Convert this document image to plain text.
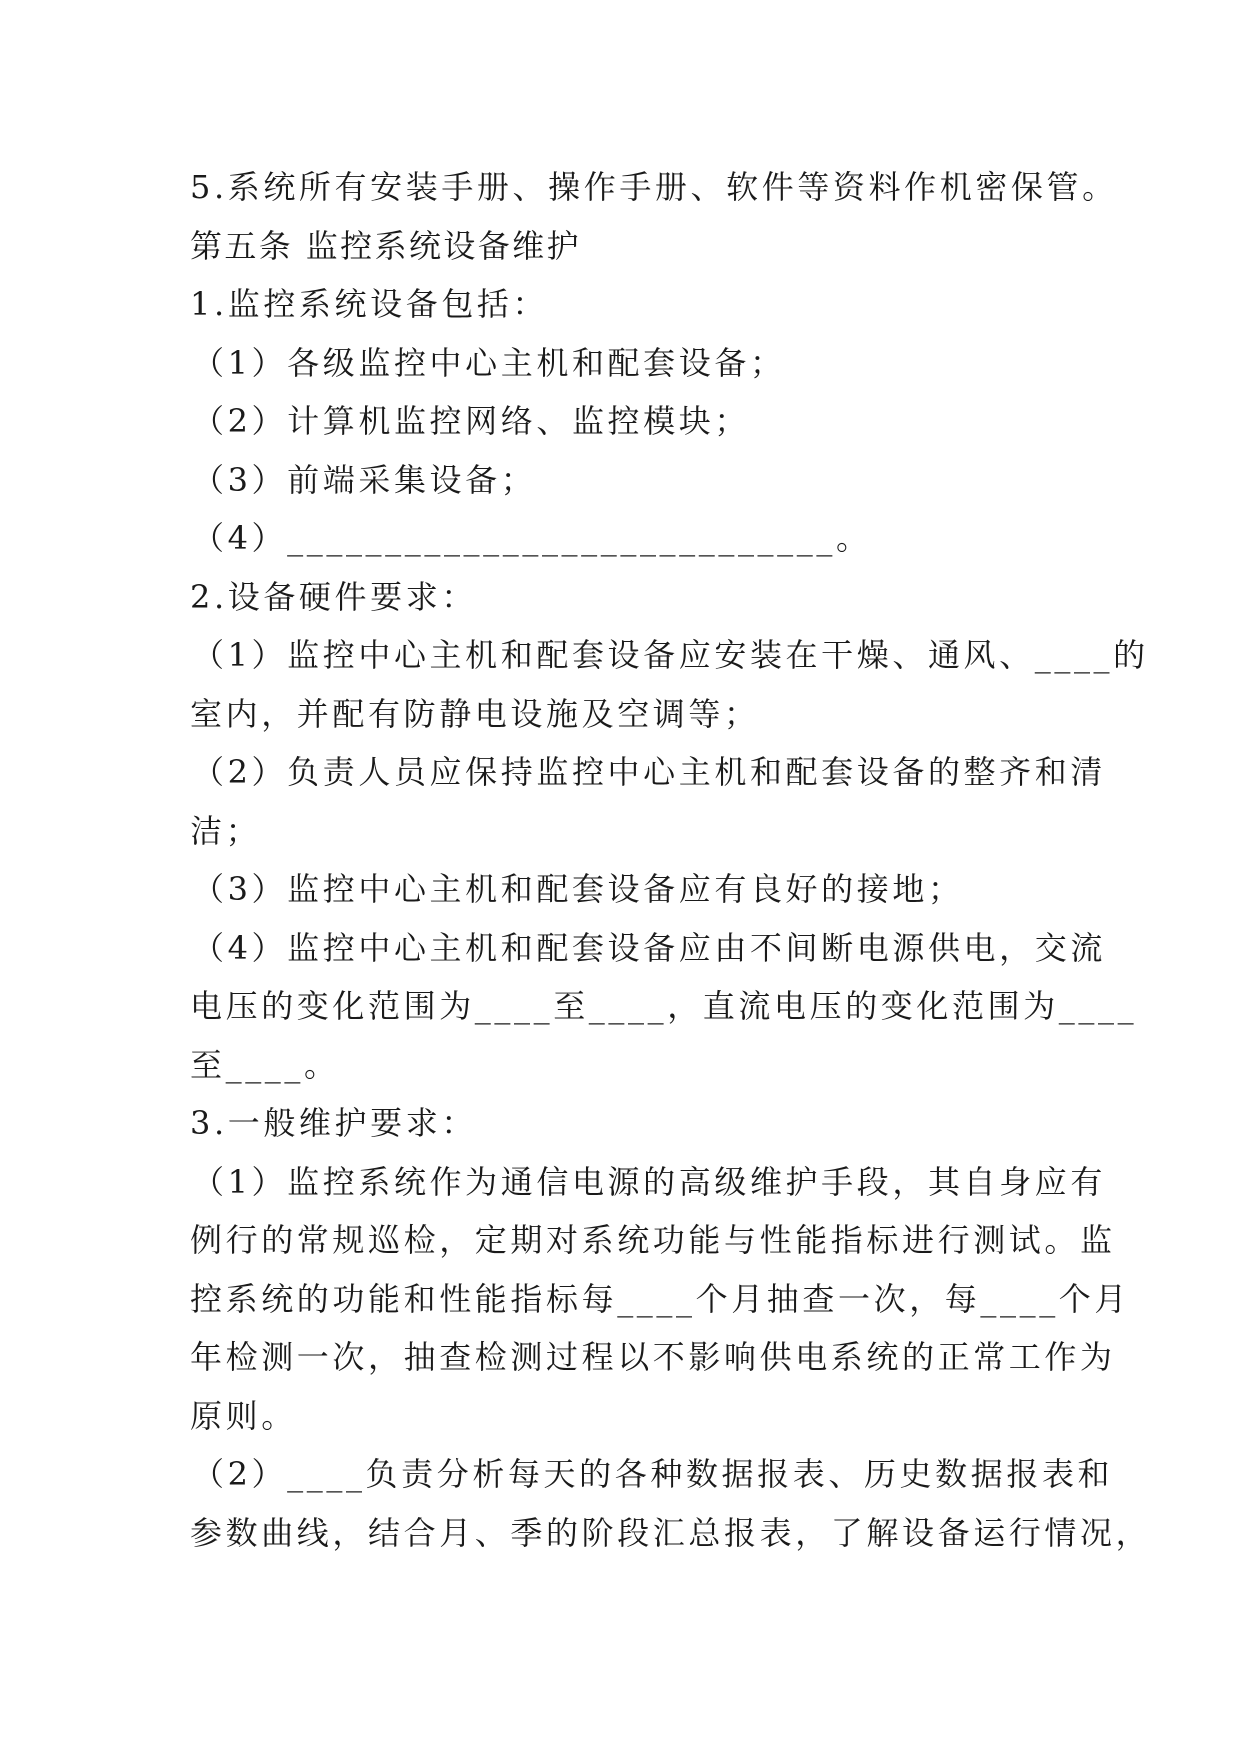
5.系统所有安装手册、操作手册、软件等资料作机密保管。
第五条 监控系统设备维护
1.监控系统设备包括：
（1）各级监控中心主机和配套设备；
（2）计算机监控网络、监控模块；
（3）前端采集设备；
（4）____________________________。
2.设备硬件要求：
（1）监控中心主机和配套设备应安装在干燥、通风、____的
室内，并配有防静电设施及空调等；
（2）负责人员应保持监控中心主机和配套设备的整齐和清
洁；
（3）监控中心主机和配套设备应有良好的接地；
（4）监控中心主机和配套设备应由不间断电源供电，交流
电压的变化范围为____至____，直流电压的变化范围为____
至____。
3.一般维护要求：
（1）监控系统作为通信电源的高级维护手段，其自身应有
例行的常规巡检，定期对系统功能与性能指标进行测试。监
控系统的功能和性能指标每____个月抽查一次，每____个月
年检测一次，抽查检测过程以不影响供电系统的正常工作为
原则。
（2）____负责分析每天的各种数据报表、历史数据报表和
参数曲线，结合月、季的阶段汇总报表，了解设备运行情况，
